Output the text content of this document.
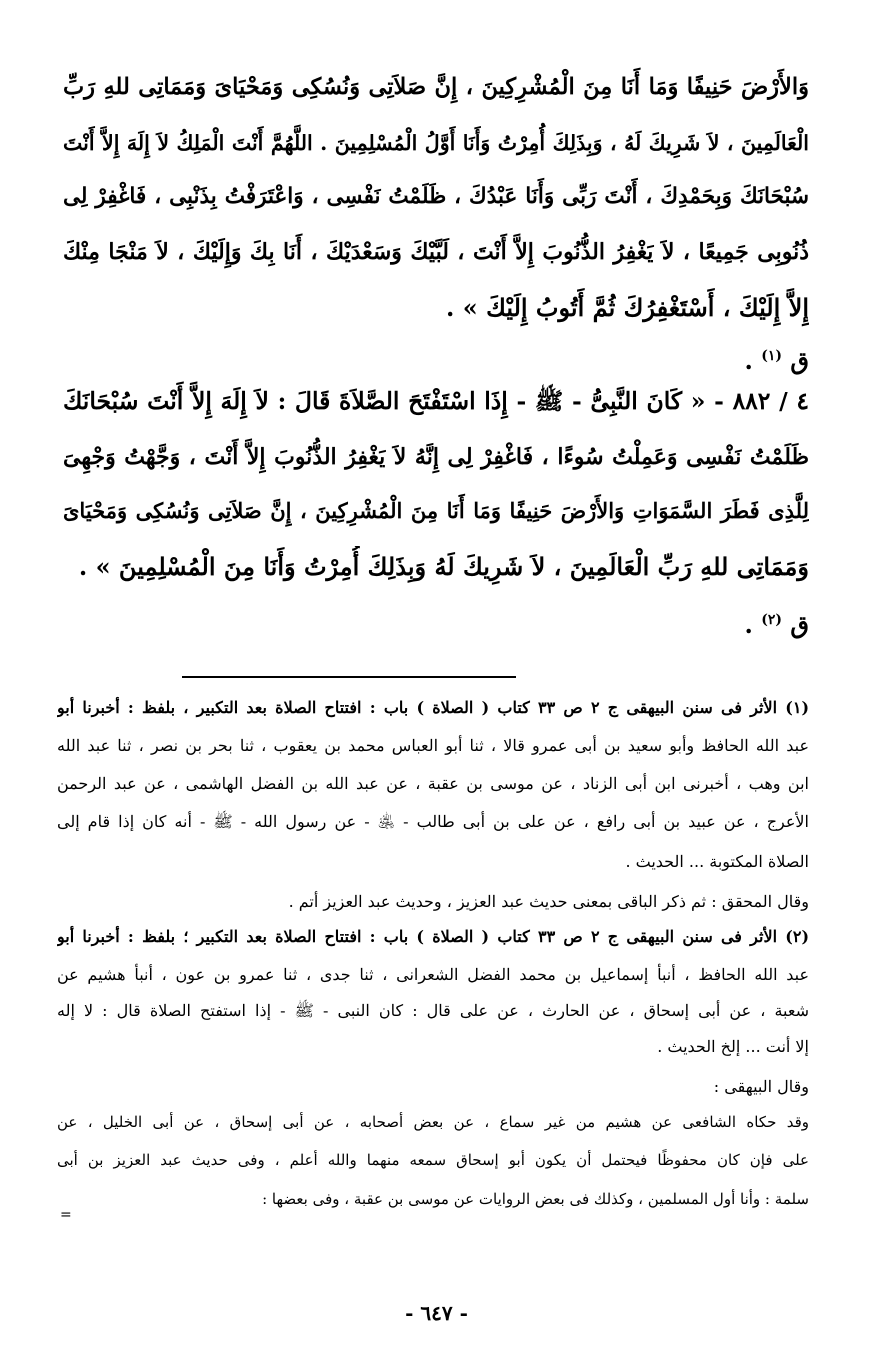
وَالأَرْضَ حَنِيفًا وَمَا أَنَا مِنَ الْمُشْرِكِينَ ، إِنَّ صَلاَتِى وَنُسُكِى وَمَحْيَاىَ وَمَمَاتِى للهِ رَبِّ
الْعَالَمِينَ ، لاَ شَرِيكَ لَهُ ، وَبِذَلِكَ أُمِرْتُ وَأَنَا أَوَّلُ الْمُسْلِمِينَ . اللَّهُمَّ أَنْتَ الْمَلِكُ لاَ إِلَهَ إِلاَّ أَنْتَ
سُبْحَانَكَ وَبِحَمْدِكَ ، أَنْتَ رَبِّى وَأَنَا عَبْدُكَ ، ظَلَمْتُ نَفْسِى ، وَاعْتَرَفْتُ بِذَنْبِى ، فَاغْفِرْ لِى
ذُنُوبِى جَمِيعًا ، لاَ يَغْفِرُ الذُّنُوبَ إِلاَّ أَنْتَ ، لَبَّيْكَ وَسَعْدَيْكَ ، أَنَا بِكَ وَإِلَيْكَ ، لاَ مَنْجَا مِنْكَ
إِلاَّ إِلَيْكَ ، أَسْتَغْفِرُكَ ثُمَّ أَتُوبُ إِلَيْكَ » .
ق $^{(١)}$ .
٤ / ٨٨٢ - « كَانَ النَّبِىُّ - ﷺ - إِذَا اسْتَفْتَحَ الصَّلاَةَ قَالَ : لاَ إِلَهَ إِلاَّ أَنْتَ سُبْحَانَكَ
ظَلَمْتُ نَفْسِى وَعَمِلْتُ سُوءًا ، فَاغْفِرْ لِى إِنَّهُ لاَ يَغْفِرُ الذُّنُوبَ إِلاَّ أَنْتَ ، وَجَّهْتُ وَجْهِىَ
لِلَّذِى فَطَرَ السَّمَوَاتِ وَالأَرْضَ حَنِيفًا وَمَا أَنَا مِنَ الْمُشْرِكِينَ ، إِنَّ صَلاَتِى وَنُسُكِى وَمَحْيَاىَ
وَمَمَاتِى للهِ رَبِّ الْعَالَمِينَ ، لاَ شَرِيكَ لَهُ وَبِذَلِكَ أُمِرْتُ وَأَنَا مِنَ الْمُسْلِمِينَ » .
ق $^{(٢)}$ .
(١) الأثر فى سنن البيهقى ج ٢ ص ٣٣ كتاب ( الصلاة ) باب : افتتاح الصلاة بعد التكبير ، بلفظ : أخبرنا أبو
عبد الله الحافظ وأبو سعيد بن أبى عمرو قالا ، ثنا أبو العباس محمد بن يعقوب ، ثنا بحر بن نصر ، ثنا عبد الله
ابن وهب ، أخبرنى ابن أبى الزناد ، عن موسى بن عقبة ، عن عبد الله بن الفضل الهاشمى ، عن عبد الرحمن
الأعرج ، عن عبيد بن أبى رافع ، عن على بن أبى طالب - ﵁ - عن رسول الله - ﷺ - أنه كان إذا قام إلى
الصلاة المكتوبة ... الحديث .
وقال المحقق : ثم ذكر الباقى بمعنى حديث عبد العزيز ، وحديث عبد العزيز أتم .
(٢) الأثر فى سنن البيهقى ج ٢ ص ٣٣ كتاب ( الصلاة ) باب : افتتاح الصلاة بعد التكبير ؛ بلفظ : أخبرنا أبو
عبد الله الحافظ ، أنبأ إسماعيل بن محمد الفضل الشعرانى ، ثنا جدى ، ثنا عمرو بن عون ، أنبأ هشيم عن
شعبة ، عن أبى إسحاق ، عن الحارث ، عن على قال : كان النبى - ﷺ - إذا استفتح الصلاة قال : لا إله
إلا أنت ... إلخ الحديث .
وقال البيهقى :
وقد حكاه الشافعى عن هشيم من غير سماع ، عن بعض أصحابه ، عن أبى إسحاق ، عن أبى الخليل ، عن
على فإن كان محفوظًا فيحتمل أن يكون أبو إسحاق سمعه منهما والله أعلم ، وفى حديث عبد العزيز بن أبى
سلمة : وأنا أول المسلمين ، وكذلك فى بعض الروايات عن موسى بن عقبة ، وفى بعضها :
=
- ٦٤٧ -
